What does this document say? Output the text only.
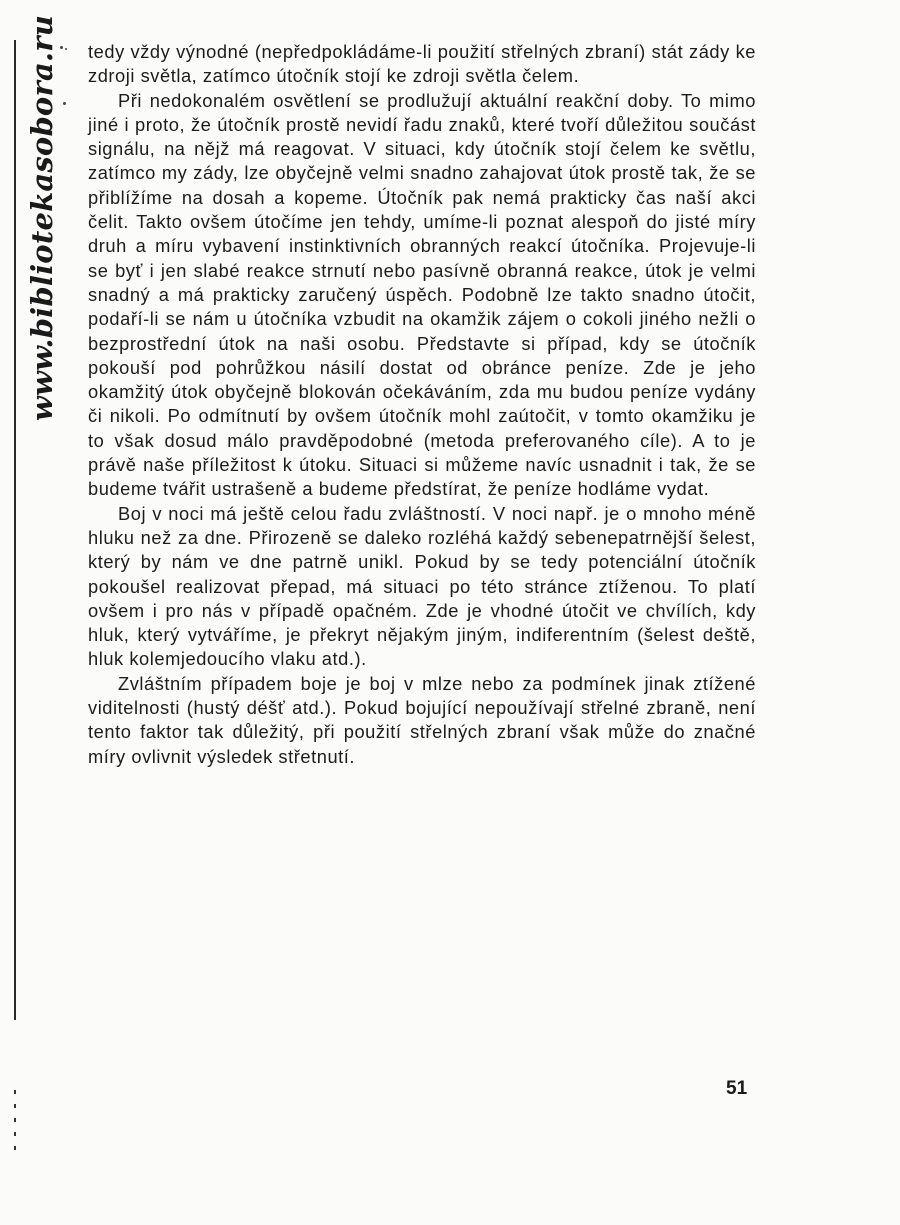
www.bibliotekasobora.ru tedy vždy výnodné (nepředpokládáme-li použití střelných zbraní) stát zády ke zdroji světla, zatímco útočník stojí ke zdroji světla čelem.

Při nedokonalém osvětlení se prodlužují aktuální reakční doby. To mimo jiné i proto, že útočník prostě nevidí řadu znaků, které tvoří důležitou součást signálu, na nějž má reagovat. V situaci, kdy útočník stojí čelem ke světlu, zatímco my zády, lze obyčejně velmi snadno zahajovat útok prostě tak, že se přiblížíme na dosah a kopeme. Útočník pak nemá prakticky čas naší akci čelit. Takto ovšem útočíme jen tehdy, umíme-li poznat alespoň do jisté míry druh a míru vybavení instinktivních obranných reakcí útočníka. Projevuje-li se byť i jen slabé reakce strnutí nebo pasívně obranná reakce, útok je velmi snadný a má prakticky zaručený úspěch. Podobně lze takto snadno útočit, podaří-li se nám u útočníka vzbudit na okamžik zájem o cokoli jiného nežli o bezprostřední útok na naši osobu. Představte si případ, kdy se útočník pokouší pod pohrůžkou násilí dostat od obránce peníze. Zde je jeho okamžitý útok obyčejně blokován očekáváním, zda mu budou peníze vydány či nikoli. Po odmítnutí by ovšem útočník mohl zaútočit, v tomto okamžiku je to však dosud málo pravděpodobné (metoda preferovaného cíle). A to je právě naše příležitost k útoku. Situaci si můžeme navíc usnadnit i tak, že se budeme tvářit ustrašeně a budeme předstírat, že peníze hodláme vydat.

Boj v noci má ještě celou řadu zvláštností. V noci např. je o mnoho méně hluku než za dne. Přirozeně se daleko rozléhá každý sebenepatrnější šelest, který by nám ve dne patrně unikl. Pokud by se tedy potenciální útočník pokoušel realizovat přepad, má situaci po této stránce ztíženou. To platí ovšem i pro nás v případě opačném. Zde je vhodné útočit ve chvílích, kdy hluk, který vytváříme, je překryt nějakým jiným, indiferentním (šelest deště, hluk kolemjedoucího vlaku atd.).

Zvláštním případem boje je boj v mlze nebo za podmínek jinak ztížené viditelnosti (hustý déšť atd.). Pokud bojující nepoužívají střelné zbraně, není tento faktor tak důležitý, při použití střelných zbraní však může do značné míry ovlivnit výsledek střetnutí.

51
